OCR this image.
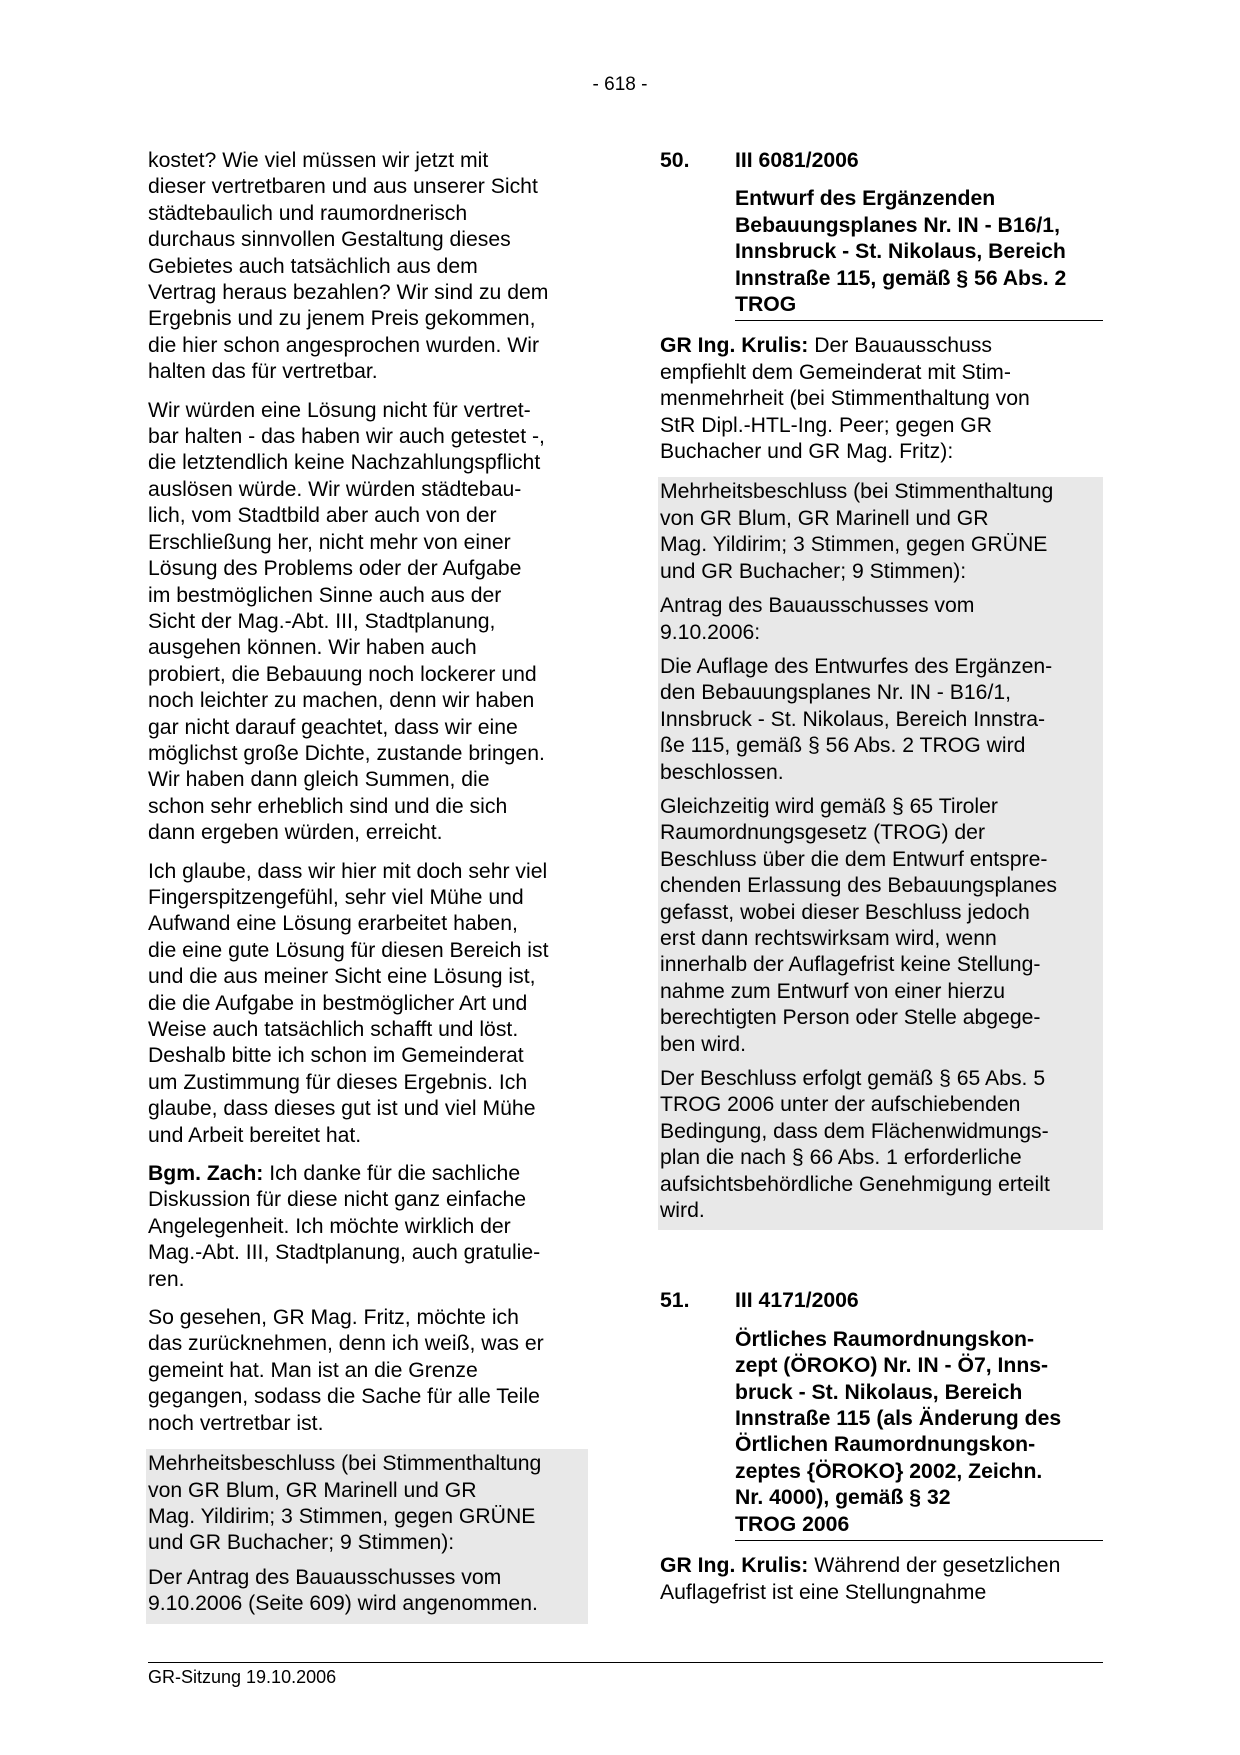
- 618 -

kostet? Wie viel müssen wir jetzt mit
dieser vertretbaren und aus unserer Sicht
städtebaulich und raumordnerisch
durchaus sinnvollen Gestaltung dieses
Gebietes auch tatsächlich aus dem
Vertrag heraus bezahlen? Wir sind zu dem
Ergebnis und zu jenem Preis gekommen,
die hier schon angesprochen wurden. Wir
halten das für vertretbar.

Wir würden eine Lösung nicht für vertret-
bar halten - das haben wir auch getestet -,
die letztendlich keine Nachzahlungspflicht
auslösen würde. Wir würden städtebau-
lich, vom Stadtbild aber auch von der
Erschließung her, nicht mehr von einer
Lösung des Problems oder der Aufgabe
im bestmöglichen Sinne auch aus der
Sicht der Mag.-Abt. III, Stadtplanung,
ausgehen können. Wir haben auch
probiert, die Bebauung noch lockerer und
noch leichter zu machen, denn wir haben
gar nicht darauf geachtet, dass wir eine
möglichst große Dichte, zustande bringen.
Wir haben dann gleich Summen, die
schon sehr erheblich sind und die sich
dann ergeben würden, erreicht.

Ich glaube, dass wir hier mit doch sehr viel
Fingerspitzengefühl, sehr viel Mühe und
Aufwand eine Lösung erarbeitet haben,
die eine gute Lösung für diesen Bereich ist
und die aus meiner Sicht eine Lösung ist,
die die Aufgabe in bestmöglicher Art und
Weise auch tatsächlich schafft und löst.
Deshalb bitte ich schon im Gemeinderat
um Zustimmung für dieses Ergebnis. Ich
glaube, dass dieses gut ist und viel Mühe
und Arbeit bereitet hat.

Bgm. Zach: Ich danke für die sachliche
Diskussion für diese nicht ganz einfache
Angelegenheit. Ich möchte wirklich der
Mag.-Abt. III, Stadtplanung, auch gratulie-
ren.

So gesehen, GR Mag. Fritz, möchte ich
das zurücknehmen, denn ich weiß, was er
gemeint hat. Man ist an die Grenze
gegangen, sodass die Sache für alle Teile
noch vertretbar ist.

Mehrheitsbeschluss (bei Stimmenthaltung
von GR Blum, GR Marinell und GR
Mag. Yildirim; 3 Stimmen, gegen GRÜNE
und GR Buchacher; 9 Stimmen):

Der Antrag des Bauausschusses vom
9.10.2006 (Seite 609) wird angenommen.

50.	III 6081/2006
Entwurf des Ergänzenden
Bebauungsplanes Nr. IN - B16/1,
Innsbruck - St. Nikolaus, Bereich
Innstraße 115, gemäß § 56 Abs. 2
TROG

GR Ing. Krulis: Der Bauausschuss
empfiehlt dem Gemeinderat mit Stim-
menmehrheit (bei Stimmenthaltung von
StR Dipl.-HTL-Ing. Peer; gegen GR
Buchacher und GR Mag. Fritz):

Mehrheitsbeschluss (bei Stimmenthaltung
von GR Blum, GR Marinell und GR
Mag. Yildirim; 3 Stimmen, gegen GRÜNE
und GR Buchacher; 9 Stimmen):

Antrag des Bauausschusses vom
9.10.2006:

Die Auflage des Entwurfes des Ergänzen-
den Bebauungsplanes Nr. IN - B16/1,
Innsbruck - St. Nikolaus, Bereich Innstra-
ße 115, gemäß § 56 Abs. 2 TROG wird
beschlossen.

Gleichzeitig wird gemäß § 65 Tiroler
Raumordnungsgesetz (TROG) der
Beschluss über die dem Entwurf entspre-
chenden Erlassung des Bebauungsplanes
gefasst, wobei dieser Beschluss jedoch
erst dann rechtswirksam wird, wenn
innerhalb der Auflagefrist keine Stellung-
nahme zum Entwurf von einer hierzu
berechtigten Person oder Stelle abgege-
ben wird.

Der Beschluss erfolgt gemäß § 65 Abs. 5
TROG 2006 unter der aufschiebenden
Bedingung, dass dem Flächenwidmungs-
plan die nach § 66 Abs. 1 erforderliche
aufsichtsbehördliche Genehmigung erteilt
wird.

51.	III 4171/2006
Örtliches Raumordnungskon-
zept (ÖROKO) Nr. IN - Ö7, Inns-
bruck - St. Nikolaus, Bereich
Innstraße 115 (als Änderung des
Örtlichen Raumordnungskon-
zeptes {ÖROKO} 2002, Zeichn.
Nr. 4000), gemäß § 32
TROG 2006

GR Ing. Krulis: Während der gesetzlichen
Auflagefrist ist eine Stellungnahme

GR-Sitzung 19.10.2006
